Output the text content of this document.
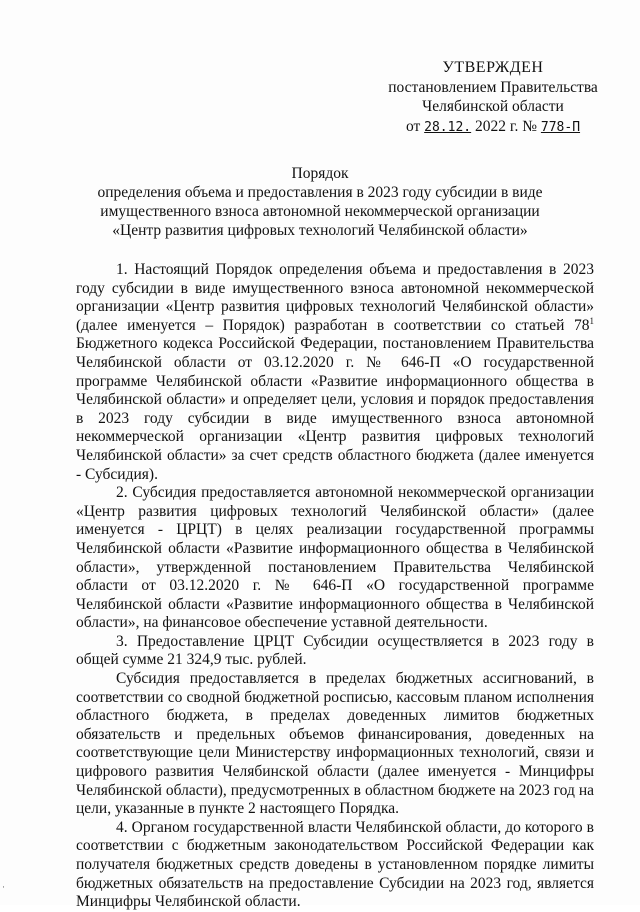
УТВЕРЖДЕН
постановлением Правительства
Челябинской области
от 28.12. 2022 г. № 778-П
Порядок
определения объема и предоставления в 2023 году субсидии в виде
имущественного взноса автономной некоммерческой организации
«Центр развития цифровых технологий Челябинской области»

1. Настоящий Порядок определения объема и предоставления в 2023 году субсидии в виде имущественного взноса автономной некоммерческой организации «Центр развития цифровых технологий Челябинской области» (далее именуется – Порядок) разработан в соответствии со статьей $78^1$ Бюджетного кодекса Российской Федерации, постановлением Правительства Челябинской области от 03.12.2020 г. № 646-П «О государственной программе Челябинской области «Развитие информационного общества в Челябинской области» и определяет цели, условия и порядок предоставления в 2023 году субсидии в виде имущественного взноса автономной некоммерческой организации «Центр развития цифровых технологий Челябинской области» за счет средств областного бюджета (далее именуется - Субсидия).

2. Субсидия предоставляется автономной некоммерческой организации «Центр развития цифровых технологий Челябинской области» (далее именуется - ЦРЦТ) в целях реализации государственной программы Челябинской области «Развитие информационного общества в Челябинской области», утвержденной постановлением Правительства Челябинской области от 03.12.2020 г. № 646-П «О государственной программе Челябинской области «Развитие информационного общества в Челябинской области», на финансовое обеспечение уставной деятельности.

3. Предоставление ЦРЦТ Субсидии осуществляется в 2023 году в общей сумме 21 324,9 тыс. рублей.

Субсидия предоставляется в пределах бюджетных ассигнований, в соответствии со сводной бюджетной росписью, кассовым планом исполнения областного бюджета, в пределах доведенных лимитов бюджетных обязательств и предельных объемов финансирования, доведенных на соответствующие цели Министерству информационных технологий, связи и цифрового развития Челябинской области (далее именуется - Минцифры Челябинской области), предусмотренных в областном бюджете на 2023 год на цели, указанные в пункте 2 настоящего Порядка.

4. Органом государственной власти Челябинской области, до которого в соответствии с бюджетным законодательством Российской Федерации как получателя бюджетных средств доведены в установленном порядке лимиты бюджетных обязательств на предоставление Субсидии на 2023 год, является Минцифры Челябинской области.

·
